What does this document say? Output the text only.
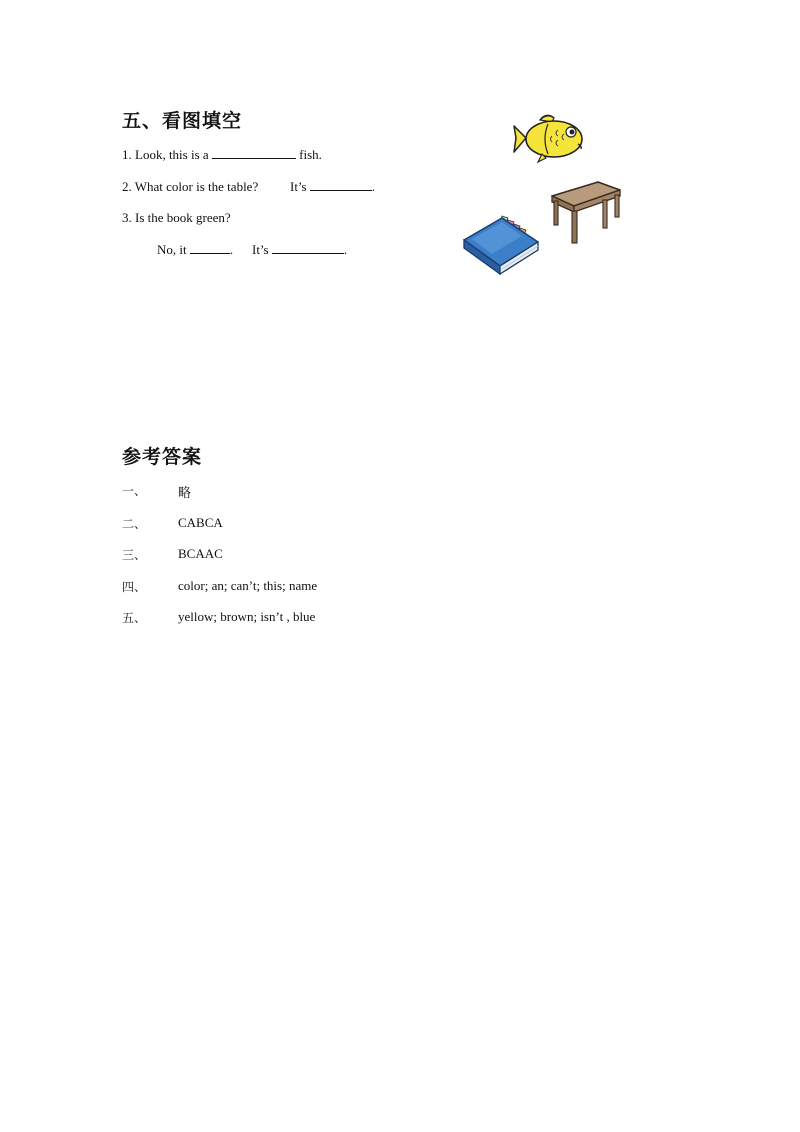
五、看图填空

1. Look, this is a	fish.

2. What color is the table? It’s	.

3. Is the book green?

No, it	. It’s	.

参考答案
一、 略
二、 CABCA
三、 BCAAC
四、 color; an; can’t; this; name
五、 yellow; brown; isn’t , blue
